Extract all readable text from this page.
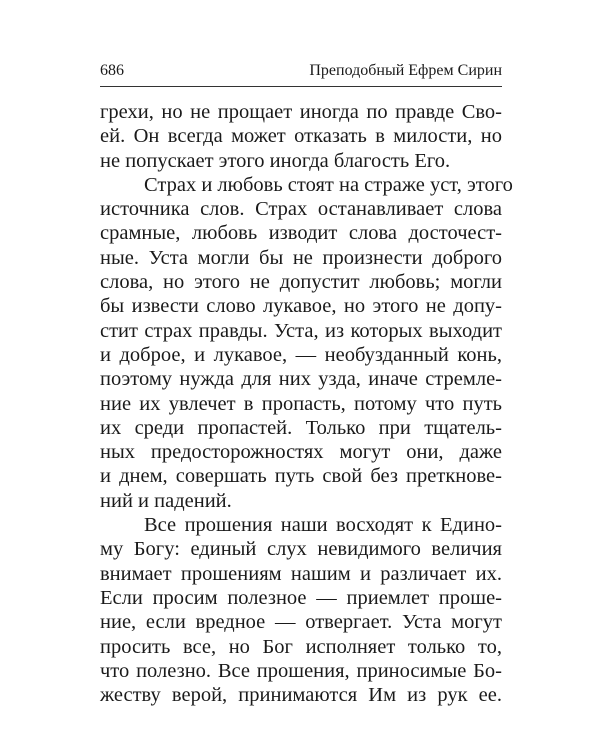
686	Преподобный Ефрем Сирин
грехи, но не прощает иногда по правде Сво-
ей. Он всегда может отказать в милости, но
не попускает этого иногда благость Его.
Страх и любовь стоят на страже уст, этого
источника слов. Страх останавливает слова
срамные, любовь изводит слова досточест-
ные. Уста могли бы не произнести доброго
слова, но этого не допустит любовь; могли
бы извести слово лукавое, но этого не допу-
стит страх правды. Уста, из которых выходит
и доброе, и лукавое, — необузданный конь,
поэтому нужда для них узда, иначе стремле-
ние их увлечет в пропасть, потому что путь
их среди пропастей. Только при тщатель-
ных предосторожностях могут они, даже
и днем, совершать путь свой без преткнове-
ний и падений.
Все прошения наши восходят к Едино-
му Богу: единый слух невидимого величия
внимает прошениям нашим и различает их.
Если просим полезное — приемлет проше-
ние, если вредное — отвергает. Уста могут
просить все, но Бог исполняет только то,
что полезно. Все прошения, приносимые Бо-
жеству верой, принимаются Им из рук ее.
